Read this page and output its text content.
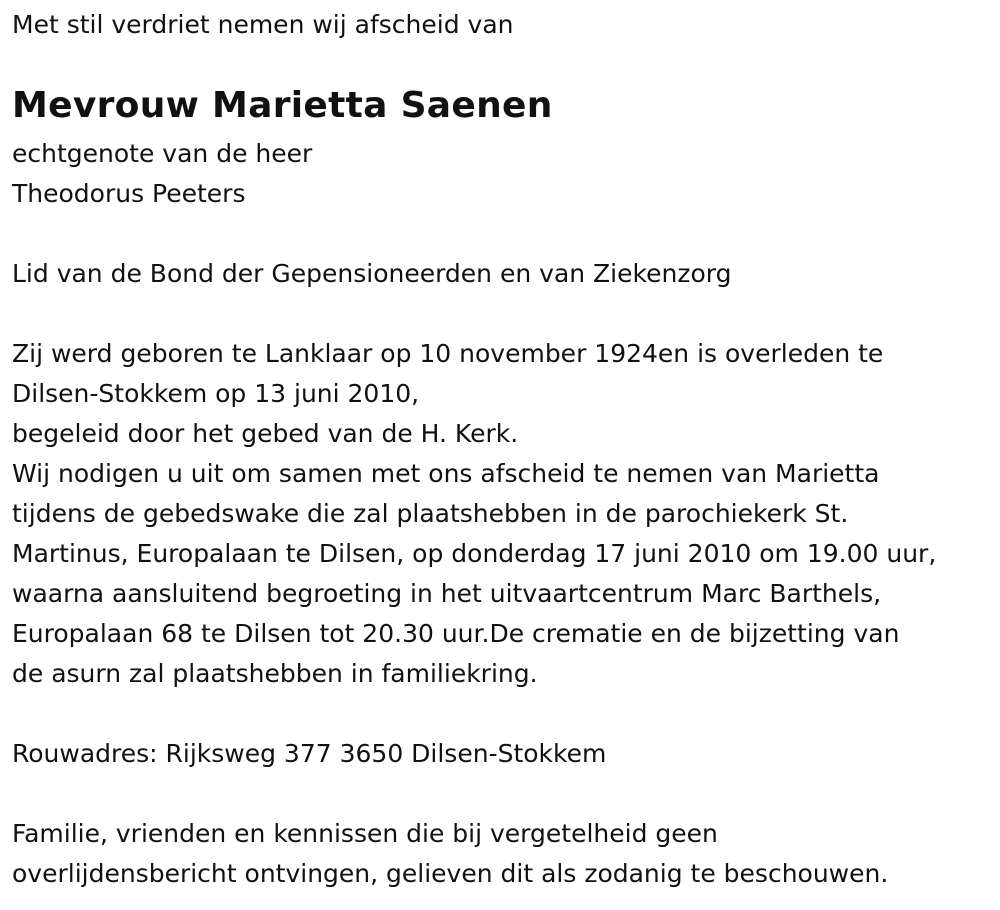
Met stil verdriet nemen wij afscheid van
Mevrouw Marietta Saenen
echtgenote van de heer
Theodorus Peeters
Lid van de Bond der Gepensioneerden en van Ziekenzorg
Zij werd geboren te Lanklaar op 10 november 1924en is overleden te
Dilsen-Stokkem op 13 juni 2010,
begeleid door het gebed van de H. Kerk.
Wij nodigen u uit om samen met ons afscheid te nemen van Marietta
tijdens de gebedswake die zal plaatshebben in de parochiekerk St.
Martinus, Europalaan te Dilsen, op donderdag 17 juni 2010 om 19.00 uur,
waarna aansluitend begroeting in het uitvaartcentrum Marc Barthels,
Europalaan 68 te Dilsen tot 20.30 uur.De crematie en de bijzetting van
de asurn zal plaatshebben in familiekring.
Rouwadres: Rijksweg 377 3650 Dilsen-Stokkem
Familie, vrienden en kennissen die bij vergetelheid geen
overlijdensbericht ontvingen, gelieven dit als zodanig te beschouwen.
